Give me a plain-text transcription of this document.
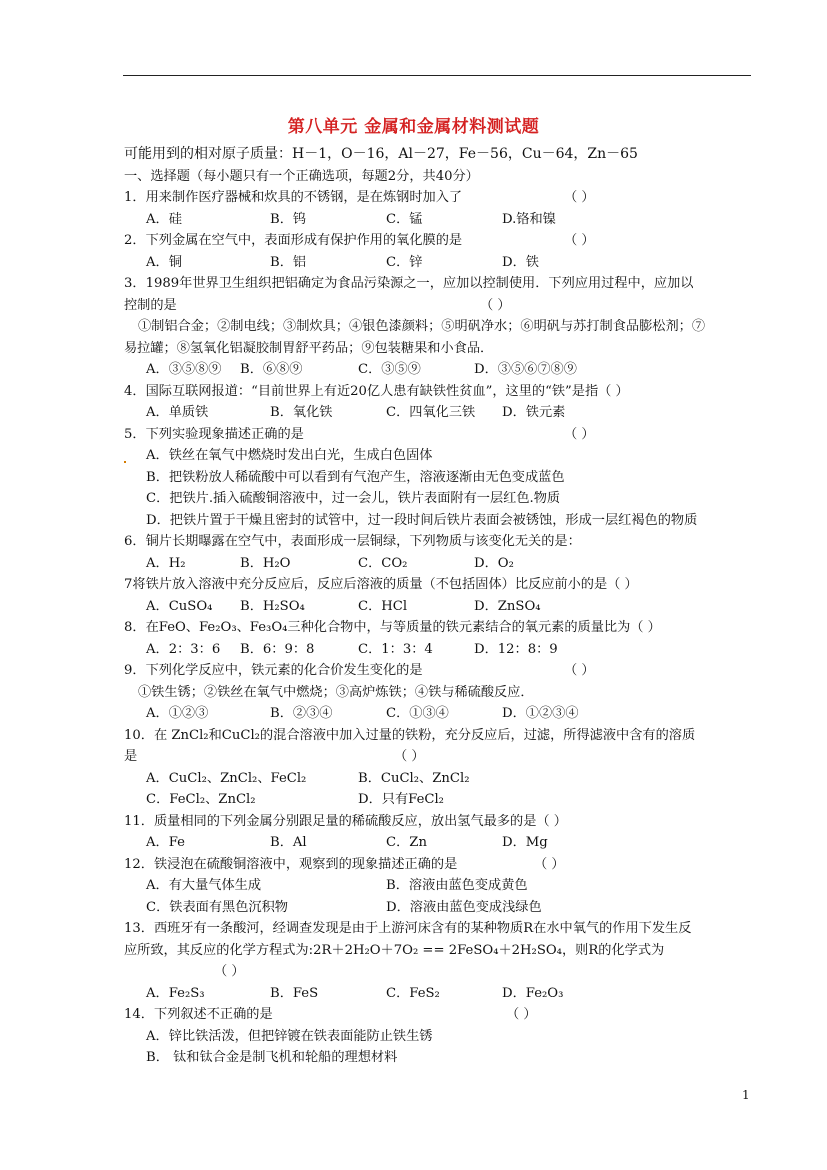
第八单元 金属和金属材料测试题
可能用到的相对原子质量：H－1，O－16，Al－27，Fe－56，Cu－64，Zn－65
一、选择题（每小题只有一个正确选项，每题2分，共40分）
1．用来制作医疗器械和炊具的不锈钢，是在炼钢时加入了	（ ）
A．硅	B．钨	C．锰	D.铬和镍
2．下列金属在空气中，表面形成有保护作用的氧化膜的是	（ ）
A．铜	B．铝	C．锌	D．铁
3．1989年世界卫生组织把铝确定为食品污染源之一，应加以控制使用．下列应用过程中，应加以
控制的是	（ ）
①制铝合金；②制电线；③制炊具；④银色漆颜料；⑤明矾净水；⑥明矾与苏打制食品膨松剂；⑦
易拉罐；⑧氢氧化铝凝胶制胃舒平药品；⑨包装糖果和小食品．
A．③⑤⑧⑨ B．⑥⑧⑨	C．③⑤⑨	D．③⑤⑥⑦⑧⑨
4．国际互联网报道：“目前世界上有近20亿人患有缺铁性贫血”，这里的“铁”是指（ ）
A．单质铁	B．氧化铁	C．四氧化三铁 D．铁元素
5．下列实验现象描述正确的是	（ ）
A．铁丝在氧气中燃烧时发出白光，生成白色固体
B．把铁粉放人稀硫酸中可以看到有气泡产生，溶液逐渐由无色变成蓝色
C．把铁片.插入硫酸铜溶液中，过一会儿，铁片表面附有一层红色.物质
D．把铁片置于干燥且密封的试管中，过一段时间后铁片表面会被锈蚀，形成一层红褐色的物质
6．铜片长期曝露在空气中，表面形成一层铜绿，下列物质与该变化无关的是：
A．H₂	B．H₂O	C．CO₂	D．O₂
7将铁片放入溶液中充分反应后，反应后溶液的质量（不包括固体）比反应前小的是（ ）
A．CuSO₄ B．H₂SO₄	C．HCl	D．ZnSO₄
8．在FeO、Fe₂O₃、Fe₃O₄三种化合物中，与等质量的铁元素结合的氧元素的质量比为（ ）
A．2：3：6 B．6：9：8	C．1：3：4	D．12：8：9
9．下列化学反应中，铁元素的化合价发生变化的是	（ ）
①铁生锈；②铁丝在氧气中燃烧；③高炉炼铁；④铁与稀硫酸反应．
A．①②③	B．②③④	C．①③④	D．①②③④
10．在 ZnCl₂和CuCl₂的混合溶液中加入过量的铁粉，充分反应后，过滤，所得滤液中含有的溶质
是	（ ）
A．CuCl₂、ZnCl₂、FeCl₂	B．CuCl₂、ZnCl₂
C．FeCl₂、ZnCl₂	D．只有FeCl₂
11．质量相同的下列金属分别跟足量的稀硫酸反应，放出氢气最多的是（ ）
A．Fe	B．Al	C．Zn	D．Mg
12．铁浸泡在硫酸铜溶液中，观察到的现象描述正确的是	（ ）
A．有大量气体生成	B．溶液由蓝色变成黄色
C．铁表面有黑色沉积物	D．溶液由蓝色变成浅绿色
13．西班牙有一条酸河，经调查发现是由于上游河床含有的某种物质R在水中氧气的作用下发生反
应所致，其反应的化学方程式为:2R＋2H₂O＋7O₂ == 2FeSO₄＋2H₂SO₄，则R的化学式为
（ ）
A．Fe₂S₃	B．FeS	C．FeS₂	D．Fe₂O₃
14．下列叙述不正确的是	（ ）
A．锌比铁活泼，但把锌镀在铁表面能防止铁生锈
B． 钛和钛合金是制飞机和轮船的理想材料
1
